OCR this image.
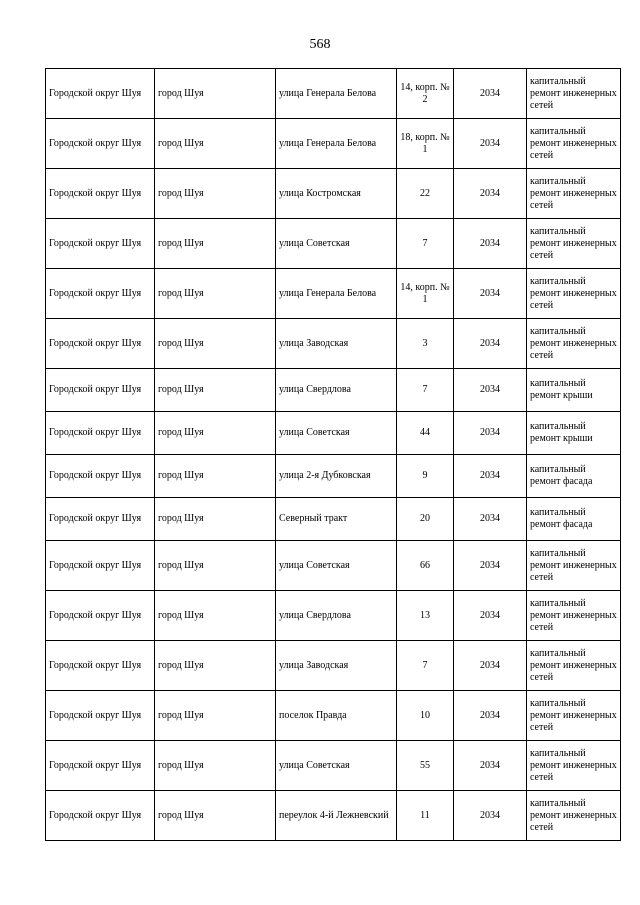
568
Городской округ Шуя	город Шуя	улица Генерала Белова	14, корп. № 2	2034	капитальный ремонт инженерных сетей
Городской округ Шуя	город Шуя	улица Генерала Белова	18, корп. № 1	2034	капитальный ремонт инженерных сетей
Городской округ Шуя	город Шуя	улица Костромская	22	2034	капитальный ремонт инженерных сетей
Городской округ Шуя	город Шуя	улица Советская	7	2034	капитальный ремонт инженерных сетей
Городской округ Шуя	город Шуя	улица Генерала Белова	14, корп. № 1	2034	капитальный ремонт инженерных сетей
Городской округ Шуя	город Шуя	улица Заводская	3	2034	капитальный ремонт инженерных сетей
Городской округ Шуя	город Шуя	улица Свердлова	7	2034	капитальный ремонт крыши
Городской округ Шуя	город Шуя	улица Советская	44	2034	капитальный ремонт крыши
Городской округ Шуя	город Шуя	улица 2-я Дубковская	9	2034	капитальный ремонт фасада
Городской округ Шуя	город Шуя	Северный тракт	20	2034	капитальный ремонт фасада
Городской округ Шуя	город Шуя	улица Советская	66	2034	капитальный ремонт инженерных сетей
Городской округ Шуя	город Шуя	улица Свердлова	13	2034	капитальный ремонт инженерных сетей
Городской округ Шуя	город Шуя	улица Заводская	7	2034	капитальный ремонт инженерных сетей
Городской округ Шуя	город Шуя	поселок Правда	10	2034	капитальный ремонт инженерных сетей
Городской округ Шуя	город Шуя	улица Советская	55	2034	капитальный ремонт инженерных сетей
Городской округ Шуя	город Шуя	переулок 4-й Лежневский	11	2034	капитальный ремонт инженерных сетей
